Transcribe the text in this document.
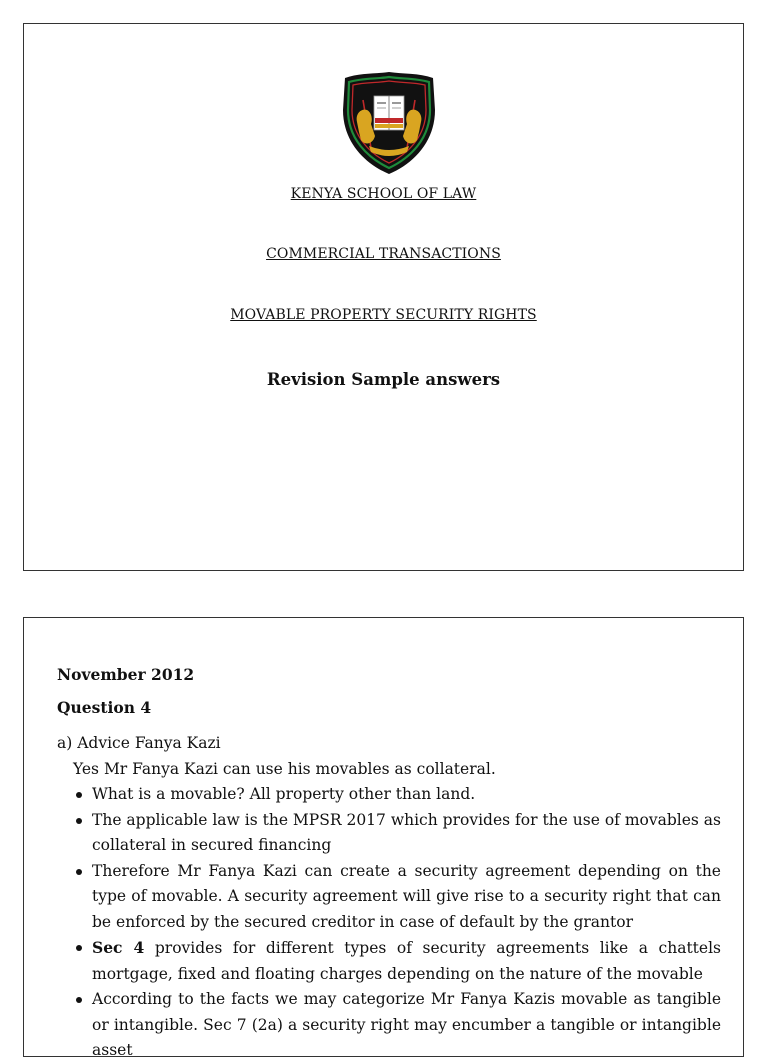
KENYA SCHOOL OF LAW
COMMERCIAL TRANSACTIONS
MOVABLE PROPERTY SECURITY RIGHTS
Revision Sample answers
November 2012
Question 4
a) Advice Fanya Kazi
Yes Mr Fanya Kazi can use his movables as collateral.
What is a movable? All property other than land.
The applicable law is the MPSR 2017 which provides for the use of movables as collateral in secured financing
Therefore Mr Fanya Kazi can create a security agreement depending on the type of movable. A security agreement will give rise to a security right that can be enforced by the secured creditor in case of default by the grantor
Sec 4 provides for different types of security agreements like a chattels mortgage, fixed and floating charges depending on the nature of the movable
According to the facts we may categorize Mr Fanya Kazis movable as tangible or intangible. Sec 7 (2a) a security right may encumber a tangible or intangible asset
